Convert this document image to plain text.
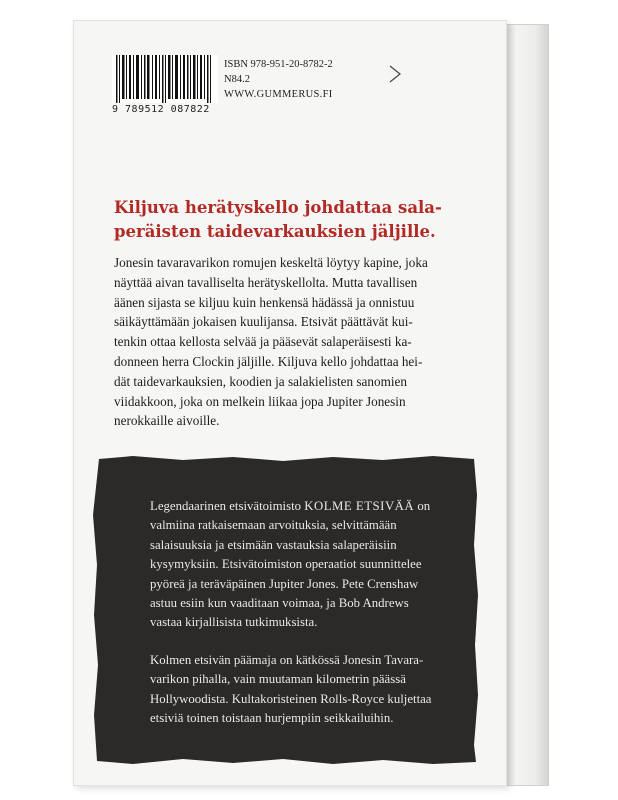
9 789512 087822
ISBN 978-951-20-8782-2
N84.2
WWW.GUMMERUS.FI
Kiljuva herätyskello johdattaa sala-
peräisten taidevarkauksien jäljille.

Jonesin tavaravarikon romujen keskeltä löytyy kapine, joka

näyttää aivan tavalliselta herätyskellolta. Mutta tavallisen

äänen sijasta se kiljuu kuin henkensä hädässä ja onnistuu

säikäyttämään jokaisen kuulijansa. Etsivät päättävät kui-

tenkin ottaa kellosta selvää ja pääsevät salaperäisesti ka-

donneen herra Clockin jäljille. Kiljuva kello johdattaa hei-

dät taidevarkauksien, koodien ja salakielisten sanomien

viidakkoon, joka on melkein liikaa jopa Jupiter Jonesin

nerokkaille aivoille.

Legendaarinen etsivätoimisto KOLME ETSIVÄÄ on
valmiina ratkaisemaan arvoituksia, selvittämään
salaisuuksia ja etsimään vastauksia salaperäisiin
kysymyksiin. Etsivätoimiston operaatiot suunnittelee
pyöreä ja teräväpäinen Jupiter Jones. Pete Crenshaw
astuu esiin kun vaaditaan voimaa, ja Bob Andrews
vastaa kirjallisista tutkimuksista.

Kolmen etsivän päämaja on kätkössä Jonesin Tavara-
varikon pihalla, vain muutaman kilometrin päässä
Hollywoodista. Kultakoristeinen Rolls-Royce kuljettaa
etsiviä toinen toistaan hurjempiin seikkailuihin.
